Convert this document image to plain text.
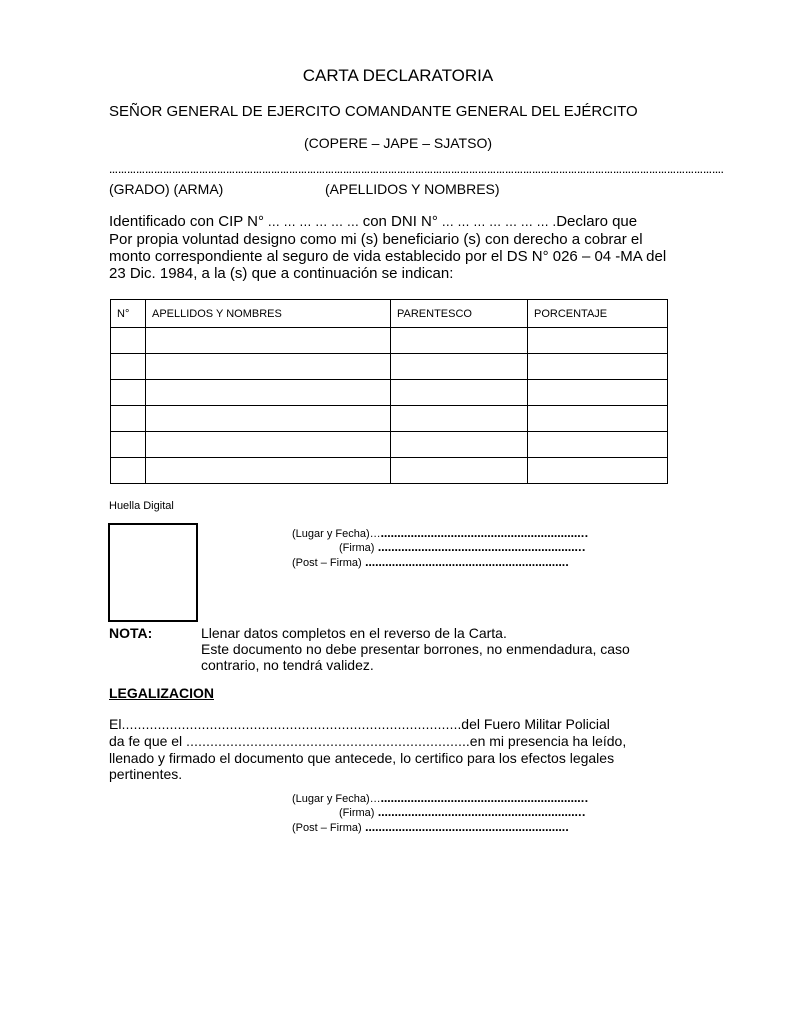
CARTA DECLARATORIA
SEÑOR GENERAL DE EJERCITO COMANDANTE GENERAL DEL EJÉRCITO
(COPERE – JAPE – SJATSO)
…………………………………………………………………………………………………………………………………………………………………………………….
(GRADO) (ARMA)	(APELLIDOS Y NOMBRES)
Identificado con CIP N° … … … … … … con DNI N° … … … … … … … .Declaro que
Por propia voluntad designo como mi (s) beneficiario (s) con derecho a cobrar el
monto correspondiente al seguro de vida establecido por el DS N° 026 – 04 -MA del
23 Dic. 1984, a la (s) que a continuación se indican:
N°	APELLIDOS Y NOMBRES	PARENTESCO	PORCENTAJE

Huella Digital
(Lugar y Fecha)………………………………………………………..
(Firma) ……………………………………………………..
(Post – Firma) …………………………………………………….
NOTA:	Llenar datos completos en el reverso de la Carta.
Este documento no debe presentar borrones, no enmendadura, caso
contrario, no tendrá validez.
LEGALIZACION
El………………………………………………………………………….del Fuero Militar Policial
da fe que el ……………………………………………………………..en mi presencia ha leído,
llenado y firmado el documento que antecede, lo certifico para los efectos legales
pertinentes.
(Lugar y Fecha)………………………………………………………..
(Firma) ……………………………………………………..
(Post – Firma) …………………………………………………….
